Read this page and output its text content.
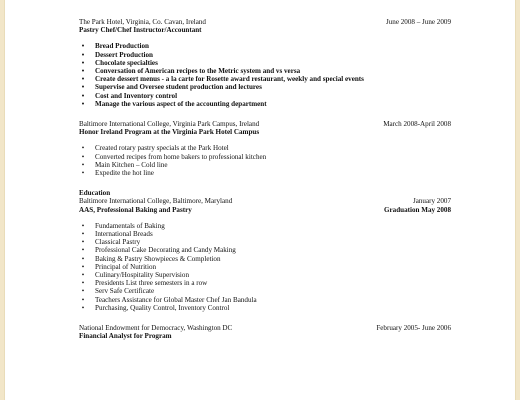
The Park Hotel, Virginia, Co. Cavan, Ireland	June 2008 – June 2009
Pastry Chef/Chef Instructor/Accountant
•	Bread Production
•	Dessert Production
•	Chocolate specialties
•	Conversation of American recipes to the Metric system and vs versa
•	Create dessert menus - a la carte for Rosette award restaurant, weekly and special events
•	Supervise and Oversee student production and lectures
•	Cost and Inventory control
•	Manage the various aspect of the accounting department
Baltimore International College, Virginia Park Campus, Ireland	March 2008-April 2008
Honor Ireland Program at the Virginia Park Hotel Campus
•	Created rotary pastry specials at the Park Hotel
•	Converted recipes from home bakers to professional kitchen
•	Main Kitchen – Cold line
•	Expedite the hot line
Education
Baltimore International College, Baltimore, Maryland	January 2007
AAS, Professional Baking and Pastry	Graduation May 2008
•	Fundamentals of Baking
•	International Breads
•	Classical Pastry
•	Professional Cake Decorating and Candy Making
•	Baking & Pastry Showpieces & Completion
•	Principal of Nutrition
•	Culinary/Hospitality Supervision
•	Presidents List three semesters in a row
•	Serv Safe Certificate
•	Teachers Assistance for Global Master Chef Jan Bandula
•	Purchasing, Quality Control, Inventory Control
National Endowment for Democracy, Washington DC	February 2005- June 2006
Financial Analyst for Program
